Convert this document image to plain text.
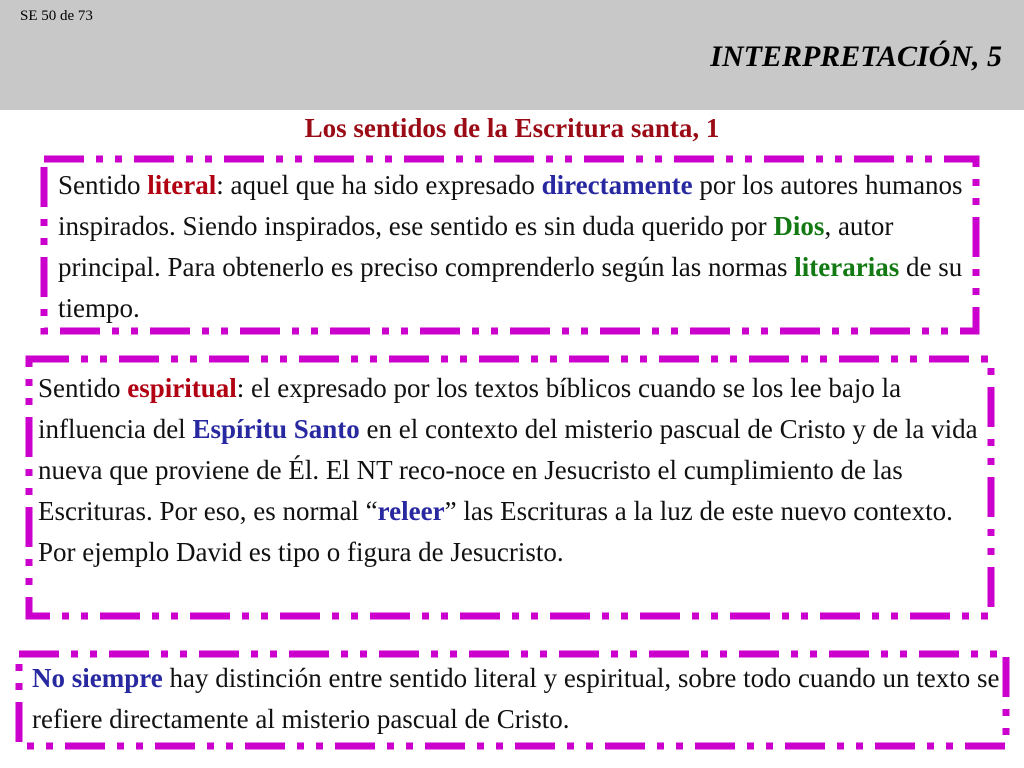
SE 50 de 73
INTERPRETACIÓN, 5
Los sentidos de la Escritura santa, 1
Sentido literal: aquel que ha sido expresado directamente por los autores humanos inspirados. Siendo inspirados, ese sentido es sin duda querido por Dios, autor principal. Para obtenerlo es preciso comprenderlo según las normas literarias de su tiempo.
Sentido espiritual: el expresado por los textos bíblicos cuando se los lee bajo la influencia del Espíritu Santo en el contexto del misterio pascual de Cristo y de la vida nueva que proviene de Él. El NT reco-noce en Jesucristo el cumplimiento de las Escrituras. Por eso, es normal “releer” las Escrituras a la luz de este nuevo contexto. Por ejemplo David es tipo o figura de Jesucristo.
No siempre hay distinción entre sentido literal y espiritual, sobre todo cuando un texto se refiere directamente al misterio pascual de Cristo.
